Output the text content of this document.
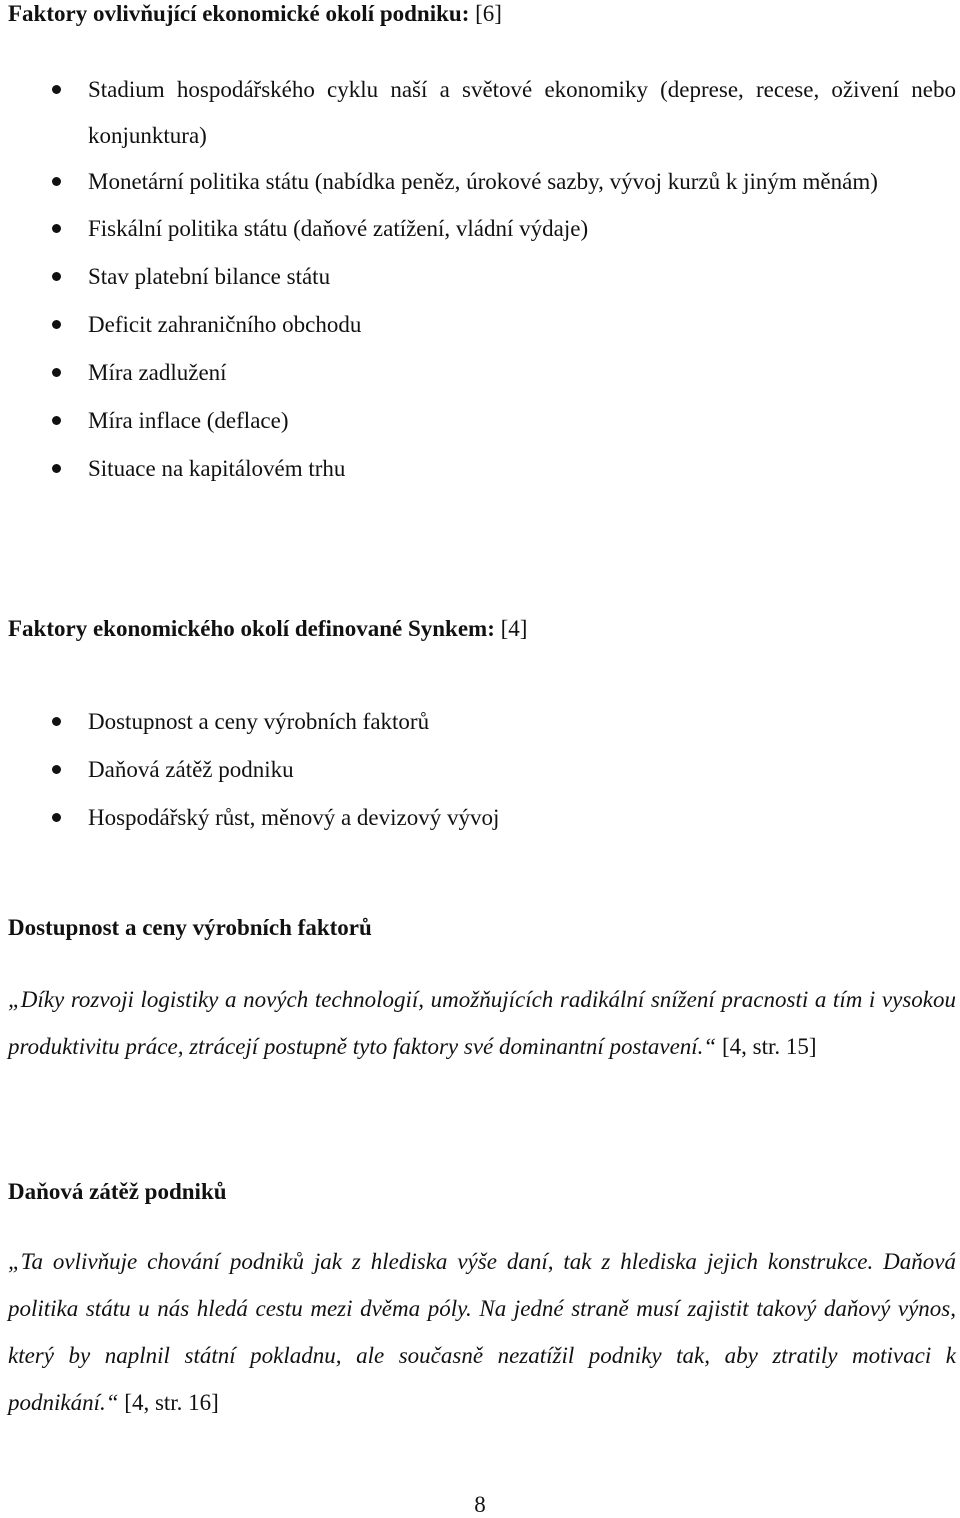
Faktory ovlivňující ekonomické okolí podniku: [6]
Stadium hospodářského cyklu naší a světové ekonomiky (deprese, recese, oživení nebo konjunktura)
Monetární politika státu (nabídka peněz, úrokové sazby, vývoj kurzů k jiným měnám)
Fiskální politika státu (daňové zatížení, vládní výdaje)
Stav platební bilance státu
Deficit zahraničního obchodu
Míra zadlužení
Míra inflace (deflace)
Situace na kapitálovém trhu
Faktory ekonomického okolí definované Synkem: [4]
Dostupnost a ceny výrobních faktorů
Daňová zátěž podniku
Hospodářský růst, měnový a devizový vývoj
Dostupnost a ceny výrobních faktorů

„Díky rozvoji logistiky a nových technologií, umožňujících radikální snížení pracnosti a tím i vysokou produktivitu práce, ztrácejí postupně tyto faktory své dominantní postavení.“ [4, str. 15]

Daňová zátěž podniků

„Ta ovlivňuje chování podniků jak z hlediska výše daní, tak z hlediska jejich konstrukce. Daňová politika státu u nás hledá cestu mezi dvěma póly. Na jedné straně musí zajistit takový daňový výnos, který by naplnil státní pokladnu, ale současně nezatížil podniky tak, aby ztratily motivaci k podnikání.“ [4, str. 16]

8
